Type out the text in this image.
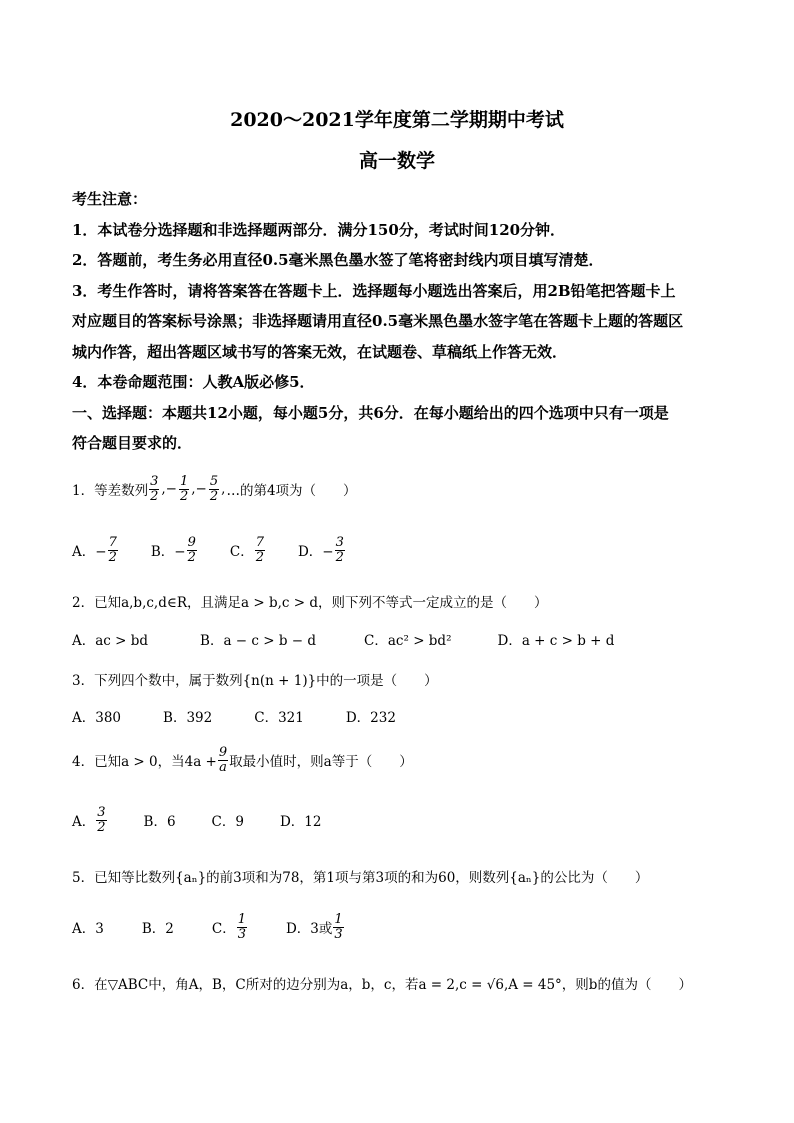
2020～2021学年度第二学期期中考试
高一数学

考生注意：

1．本试卷分选择题和非选择题两部分．满分150分，考试时间120分钟．

2．答题前，考生务必用直径0.5毫米黑色墨水签了笔将密封线内项目填写清楚．

3．考生作答时，请将答案答在答题卡上．选择题每小题选出答案后，用2B铅笔把答题卡上

对应题目的答案标号涂黑；非选择题请用直径0.5毫米黑色墨水签字笔在答题卡上题的答题区

城内作答，超出答题区域书写的答案无效，在试题卷、草稿纸上作答无效．

4．本卷命题范围：人教A版必修5．

一、选择题：本题共12小题，每小题5分，共6分．在每小题给出的四个选项中只有一项是

符合题目要求的．

1．等差数列 $\frac{3}{2}$ ,− $\frac{1}{2}$ ,− $\frac{5}{2}$ , …的第4项为（　　）
A．− $\frac{7}{2}$ B．− $\frac{9}{2}$ C． $\frac{7}{2}$ D．− $\frac{3}{2}$
2．已知a,b,c,d∈R，且满足a > b,c > d，则下列不等式一定成立的是（　　）
A．ac > bd	B．a − c > b − d	C．ac² > bd²	D．a + c > b + d
3．下列四个数中，属于数列{n(n + 1)}中的一项是（　　）
A．380	B．392	C．321	D．232
4．已知a > 0，当$4a + \frac{9}{a}$ 取最小值时，则a等于（　　）
A． $\frac{3}{2}$	B．6	C．9	D．12
5．已知等比数列{aₙ}的前3项和为78，第1项与第3项的和为60，则数列{aₙ}的公比为（　　）
A．3	B．2	C． $\frac{1}{3}$	D．3或 $\frac{1}{3}$
6．在▽ABC中，角A，B，C所对的边分别为a，b，c，若a = 2,c = √6,A = 45°，则b的值为（　　）
